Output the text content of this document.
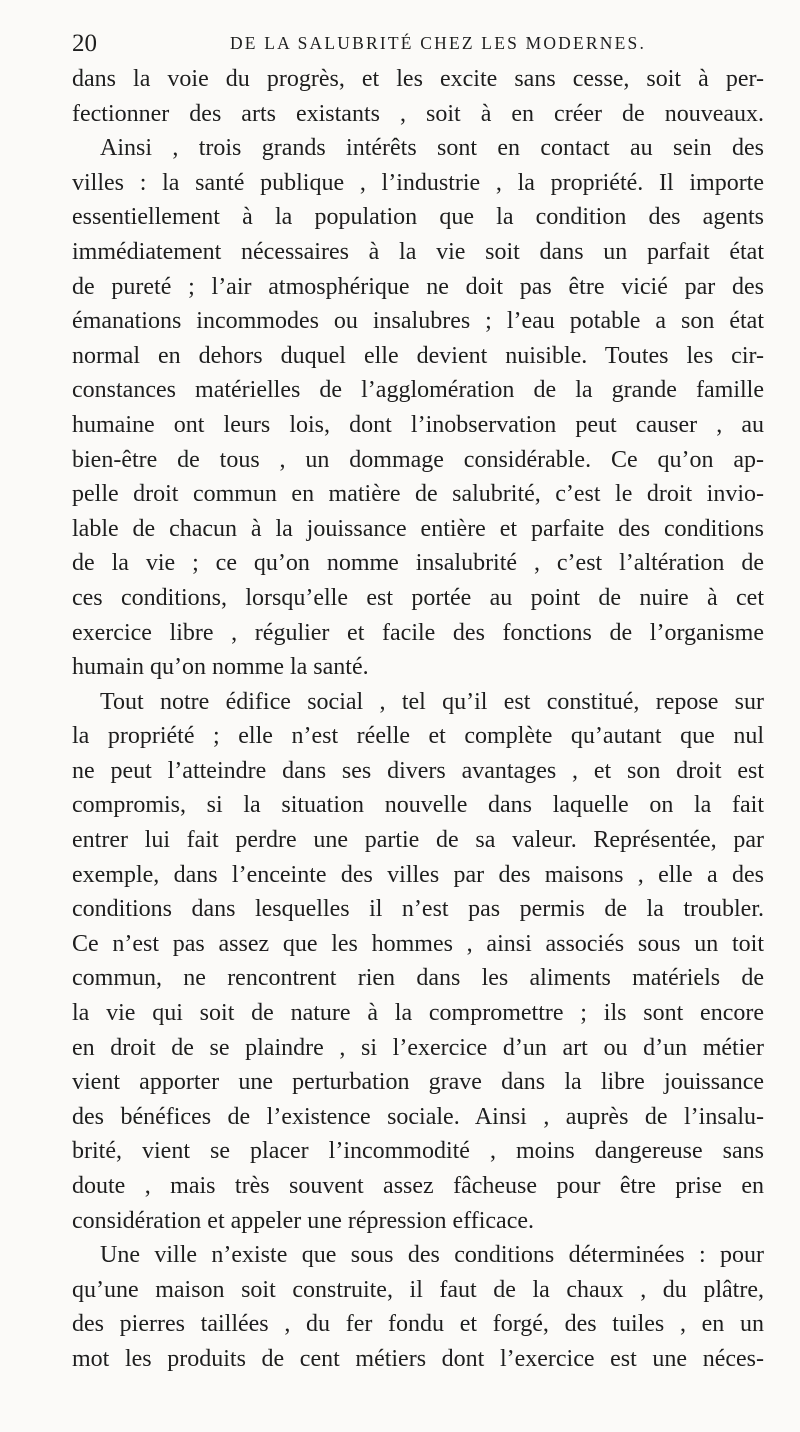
20	DE LA SALUBRITÉ CHEZ LES MODERNES.
dans la voie du progrès, et les excite sans cesse, soit à per-
fectionner des arts existants , soit à en créer de nouveaux.
Ainsi , trois grands intérêts sont en contact au sein des
villes : la santé publique , l’industrie , la propriété. Il importe
essentiellement à la population que la condition des agents
immédiatement nécessaires à la vie soit dans un parfait état
de pureté ; l’air atmosphérique ne doit pas être vicié par des
émanations incommodes ou insalubres ; l’eau potable a son état
normal en dehors duquel elle devient nuisible. Toutes les cir-
constances matérielles de l’agglomération de la grande famille
humaine ont leurs lois, dont l’inobservation peut causer , au
bien-être de tous , un dommage considérable. Ce qu’on ap-
pelle droit commun en matière de salubrité, c’est le droit invio-
lable de chacun à la jouissance entière et parfaite des conditions
de la vie ; ce qu’on nomme insalubrité , c’est l’altération de
ces conditions, lorsqu’elle est portée au point de nuire à cet
exercice libre , régulier et facile des fonctions de l’organisme
humain qu’on nomme la santé.
Tout notre édifice social , tel qu’il est constitué, repose sur
la propriété ; elle n’est réelle et complète qu’autant que nul
ne peut l’atteindre dans ses divers avantages , et son droit est
compromis, si la situation nouvelle dans laquelle on la fait
entrer lui fait perdre une partie de sa valeur. Représentée, par
exemple, dans l’enceinte des villes par des maisons , elle a des
conditions dans lesquelles il n’est pas permis de la troubler.
Ce n’est pas assez que les hommes , ainsi associés sous un toit
commun, ne rencontrent rien dans les aliments matériels de
la vie qui soit de nature à la compromettre ; ils sont encore
en droit de se plaindre , si l’exercice d’un art ou d’un métier
vient apporter une perturbation grave dans la libre jouissance
des bénéfices de l’existence sociale. Ainsi , auprès de l’insalu-
brité, vient se placer l’incommodité , moins dangereuse sans
doute , mais très souvent assez fâcheuse pour être prise en
considération et appeler une répression efficace.
Une ville n’existe que sous des conditions déterminées : pour
qu’une maison soit construite, il faut de la chaux , du plâtre,
des pierres taillées , du fer fondu et forgé, des tuiles , en un
mot les produits de cent métiers dont l’exercice est une néces-
